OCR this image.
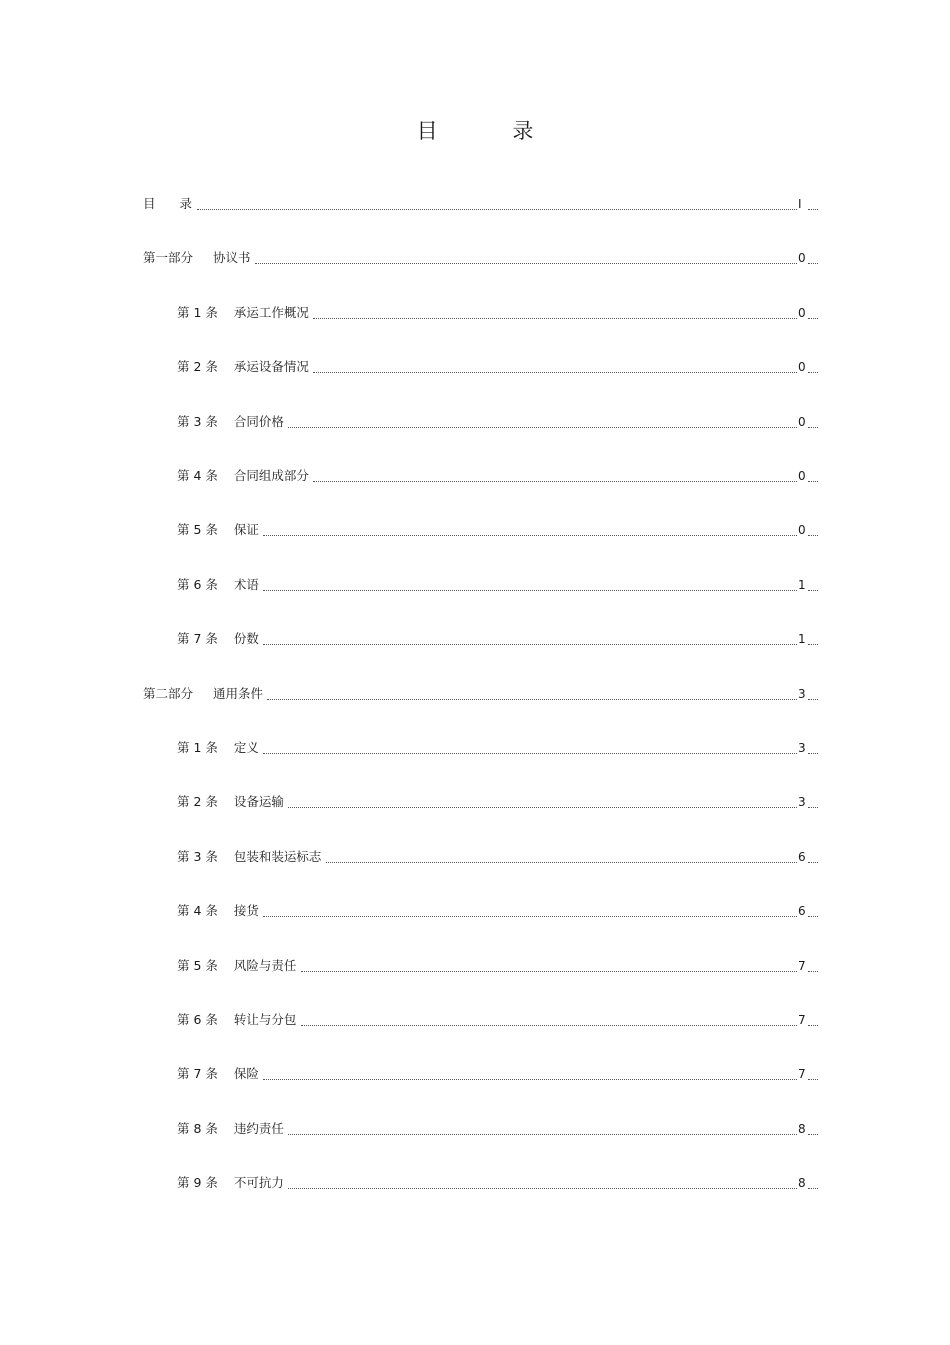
目 录
目 录	I
第一部分 协议书	0
第 1 条 承运工作概况	0
第 2 条 承运设备情况	0
第 3 条 合同价格	0
第 4 条 合同组成部分	0
第 5 条 保证	0
第 6 条 术语	1
第 7 条 份数	1
第二部分 通用条件	3
第 1 条 定义	3
第 2 条 设备运输	3
第 3 条 包装和装运标志	6
第 4 条 接货	6
第 5 条 风险与责任	7
第 6 条 转让与分包	7
第 7 条 保险	7
第 8 条 违约责任	8
第 9 条 不可抗力	8
